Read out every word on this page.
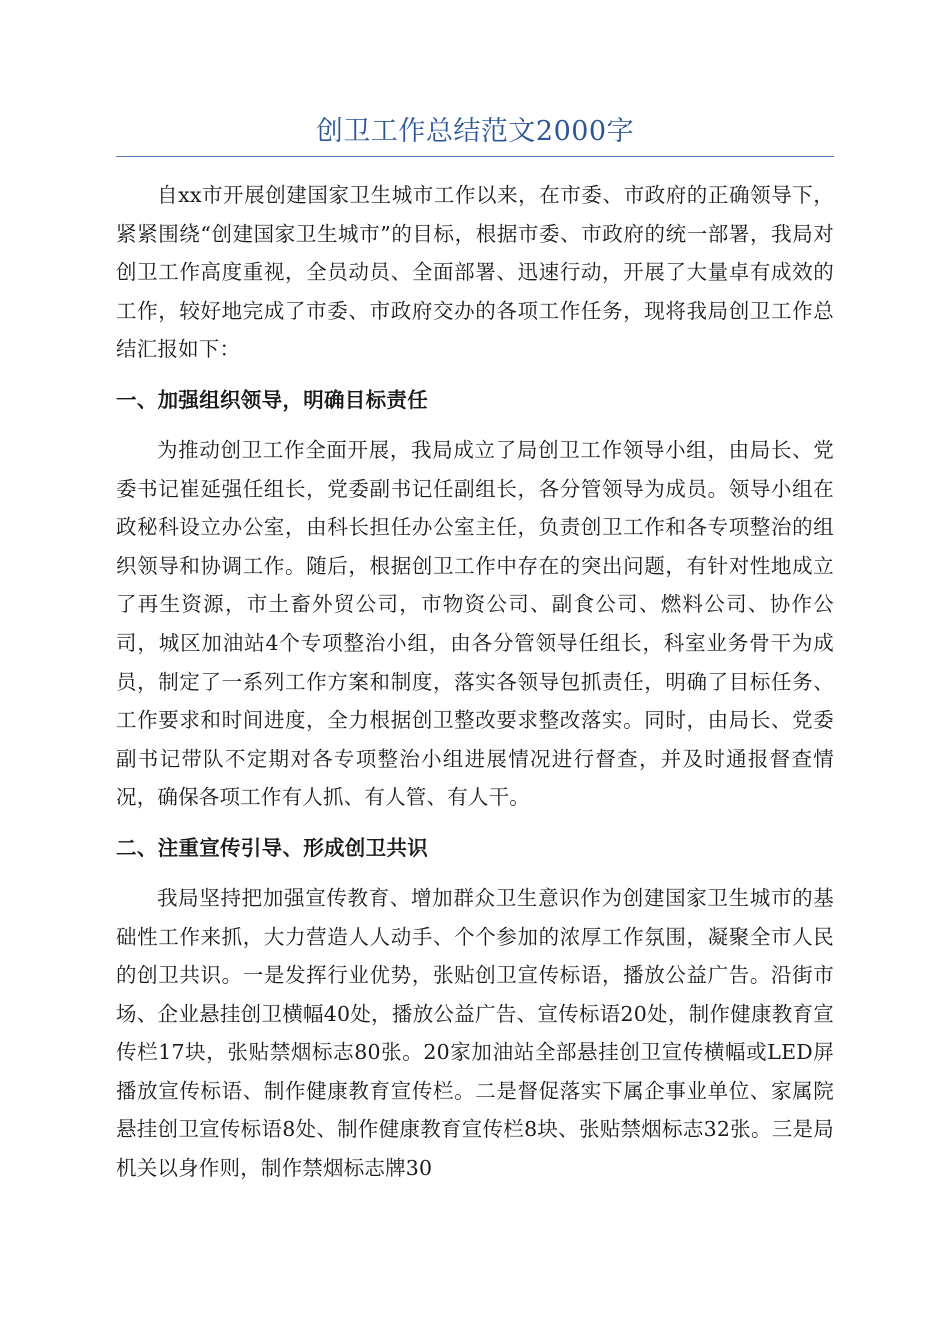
创卫工作总结范文2000字

自xx市开展创建国家卫生城市工作以来，在市委、市政府的正确领导下，紧紧围绕“创建国家卫生城市”的目标，根据市委、市政府的统一部署，我局对创卫工作高度重视，全员动员、全面部署、迅速行动，开展了大量卓有成效的工作，较好地完成了市委、市政府交办的各项工作任务，现将我局创卫工作总结汇报如下：

一、加强组织领导，明确目标责任

为推动创卫工作全面开展，我局成立了局创卫工作领导小组，由局长、党委书记崔延强任组长，党委副书记任副组长，各分管领导为成员。领导小组在政秘科设立办公室，由科长担任办公室主任，负责创卫工作和各专项整治的组织领导和协调工作。随后，根据创卫工作中存在的突出问题，有针对性地成立了再生资源，市土畜外贸公司，市物资公司、副食公司、燃料公司、协作公司，城区加油站4个专项整治小组，由各分管领导任组长，科室业务骨干为成员，制定了一系列工作方案和制度，落实各领导包抓责任，明确了目标任务、工作要求和时间进度，全力根据创卫整改要求整改落实。同时，由局长、党委副书记带队不定期对各专项整治小组进展情况进行督查，并及时通报督查情况，确保各项工作有人抓、有人管、有人干。

二、注重宣传引导、形成创卫共识

我局坚持把加强宣传教育、增加群众卫生意识作为创建国家卫生城市的基础性工作来抓，大力营造人人动手、个个参加的浓厚工作氛围，凝聚全市人民的创卫共识。一是发挥行业优势，张贴创卫宣传标语，播放公益广告。沿街市场、企业悬挂创卫横幅40处，播放公益广告、宣传标语20处，制作健康教育宣传栏17块，张贴禁烟标志80张。20家加油站全部悬挂创卫宣传横幅或LED屏播放宣传标语、制作健康教育宣传栏。二是督促落实下属企事业单位、家属院悬挂创卫宣传标语8处、制作健康教育宣传栏8块、张贴禁烟标志32张。三是局机关以身作则，制作禁烟标志牌30
